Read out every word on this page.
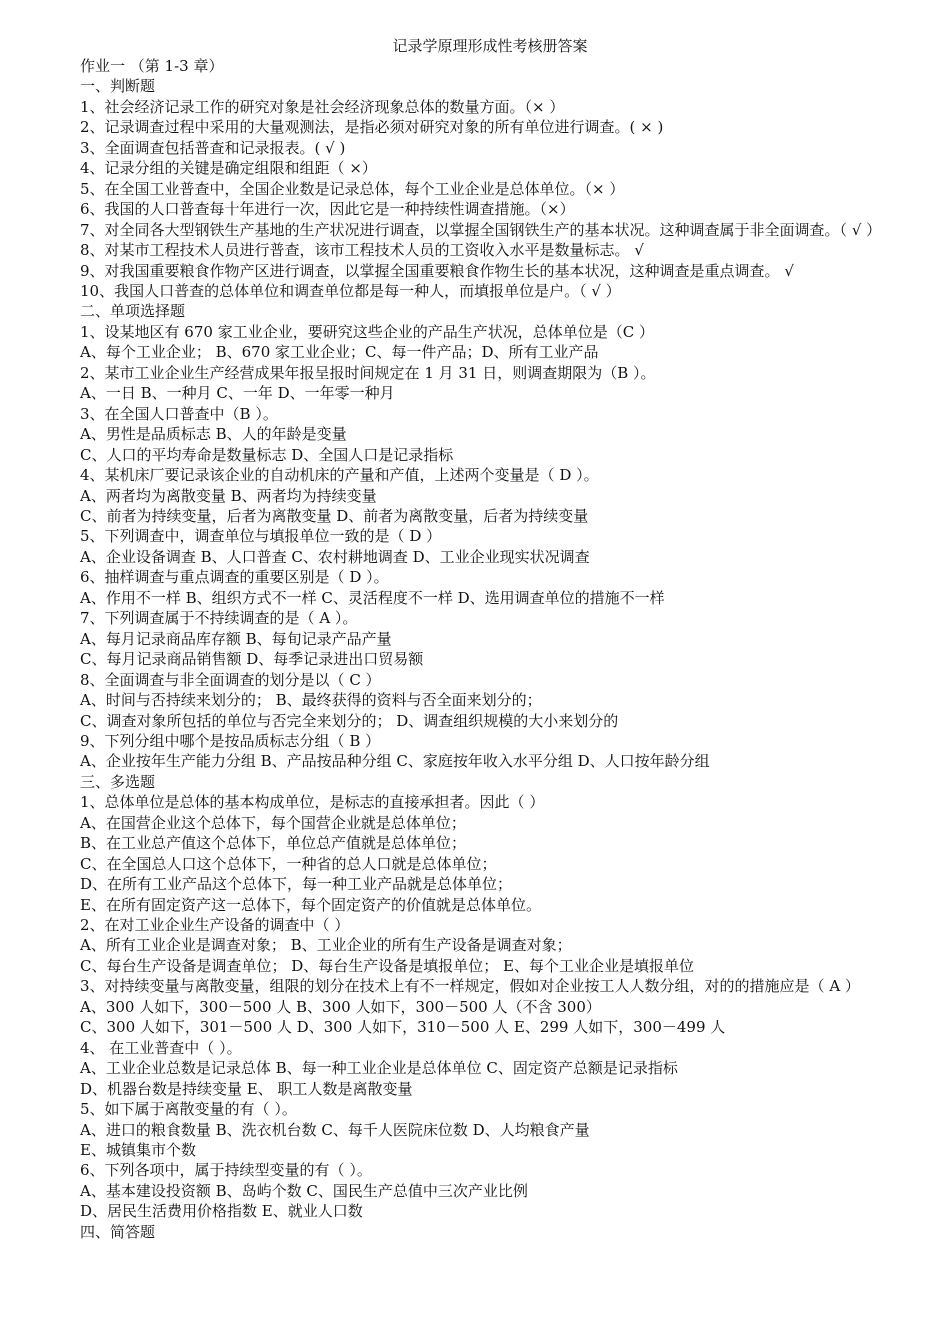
记录学原理形成性考核册答案
作业一 （第 1-3 章）
一、判断题
1、社会经济记录工作的研究对象是社会经济现象总体的数量方面。（× ）
2、记录调查过程中采用的大量观测法，是指必须对研究对象的所有单位进行调查。( × )
3、全面调查包括普查和记录报表。( √ )
4、记录分组的关键是确定组限和组距（ ×）
5、在全国工业普查中，全国企业数是记录总体，每个工业企业是总体单位。（× ）
6、我国的人口普查每十年进行一次，因此它是一种持续性调查措施。（×）
7、对全同各大型钢铁生产基地的生产状况进行调查，以掌握全国钢铁生产的基本状况。这种调查属于非全面调查。（ √ ）
8、对某市工程技术人员进行普查，该市工程技术人员的工资收入水平是数量标志。 √
9、对我国重要粮食作物产区进行调查，以掌握全国重要粮食作物生长的基本状况，这种调查是重点调查。 √
10、我国人口普查的总体单位和调查单位都是每一种人，而填报单位是户。（ √ ）
二、单项选择题
1、设某地区有 670 家工业企业，要研究这些企业的产品生产状况，总体单位是（C ）
A、每个工业企业； B、670 家工业企业；C、每一件产品；D、所有工业产品
2、某市工业企业生产经营成果年报呈报时间规定在 1 月 31 日，则调查期限为（B ）。
A、一日 B、一种月 C、一年 D、一年零一种月
3、在全国人口普查中（B ）。
A、男性是品质标志 B、人的年龄是变量
C、人口的平均寿命是数量标志 D、全国人口是记录指标
4、某机床厂要记录该企业的自动机床的产量和产值，上述两个变量是（ D ）。
A、两者均为离散变量 B、两者均为持续变量
C、前者为持续变量，后者为离散变量 D、前者为离散变量，后者为持续变量
5、下列调查中，调查单位与填报单位一致的是（ D ）
A、企业设备调查 B、人口普查 C、农村耕地调查 D、工业企业现实状况调查
6、抽样调查与重点调查的重要区别是（ D ）。
A、作用不一样 B、组织方式不一样 C、灵活程度不一样 D、选用调查单位的措施不一样
7、下列调查属于不持续调查的是（ A ）。
A、每月记录商品库存额 B、每旬记录产品产量
C、每月记录商品销售额 D、每季记录进出口贸易额
8、全面调查与非全面调查的划分是以（ C ）
A、时间与否持续来划分的； B、最终获得的资料与否全面来划分的；
C、调查对象所包括的单位与否完全来划分的； D、调查组织规模的大小来划分的
9、下列分组中哪个是按品质标志分组（ B ）
A、企业按年生产能力分组 B、产品按品种分组 C、家庭按年收入水平分组 D、人口按年龄分组
三、多选题
1、总体单位是总体的基本构成单位，是标志的直接承担者。因此（ ）
A、在国营企业这个总体下，每个国营企业就是总体单位；
B、在工业总产值这个总体下，单位总产值就是总体单位；
C、在全国总人口这个总体下，一种省的总人口就是总体单位；
D、在所有工业产品这个总体下，每一种工业产品就是总体单位；
E、在所有固定资产这一总体下，每个固定资产的价值就是总体单位。
2、在对工业企业生产设备的调查中（ ）
A、所有工业企业是调查对象； B、工业企业的所有生产设备是调查对象；
C、每台生产设备是调查单位； D、每台生产设备是填报单位； E、每个工业企业是填报单位
3、对持续变量与离散变量，组限的划分在技术上有不一样规定，假如对企业按工人人数分组，对的的措施应是（ A ）
A、300 人如下，300－500 人 B、300 人如下，300－500 人（不含 300）
C、300 人如下，301－500 人 D、300 人如下，310－500 人 E、299 人如下，300－499 人
4、 在工业普查中（ ）。
A、工业企业总数是记录总体 B、每一种工业企业是总体单位 C、固定资产总额是记录指标
D、机器台数是持续变量 E、 职工人数是离散变量
5、如下属于离散变量的有（ ）。
A、进口的粮食数量 B、洗衣机台数 C、每千人医院床位数 D、人均粮食产量
E、城镇集市个数
6、下列各项中，属于持续型变量的有（ ）。
A、基本建设投资额 B、岛屿个数 C、国民生产总值中三次产业比例
D、居民生活费用价格指数 E、就业人口数
四、简答题
